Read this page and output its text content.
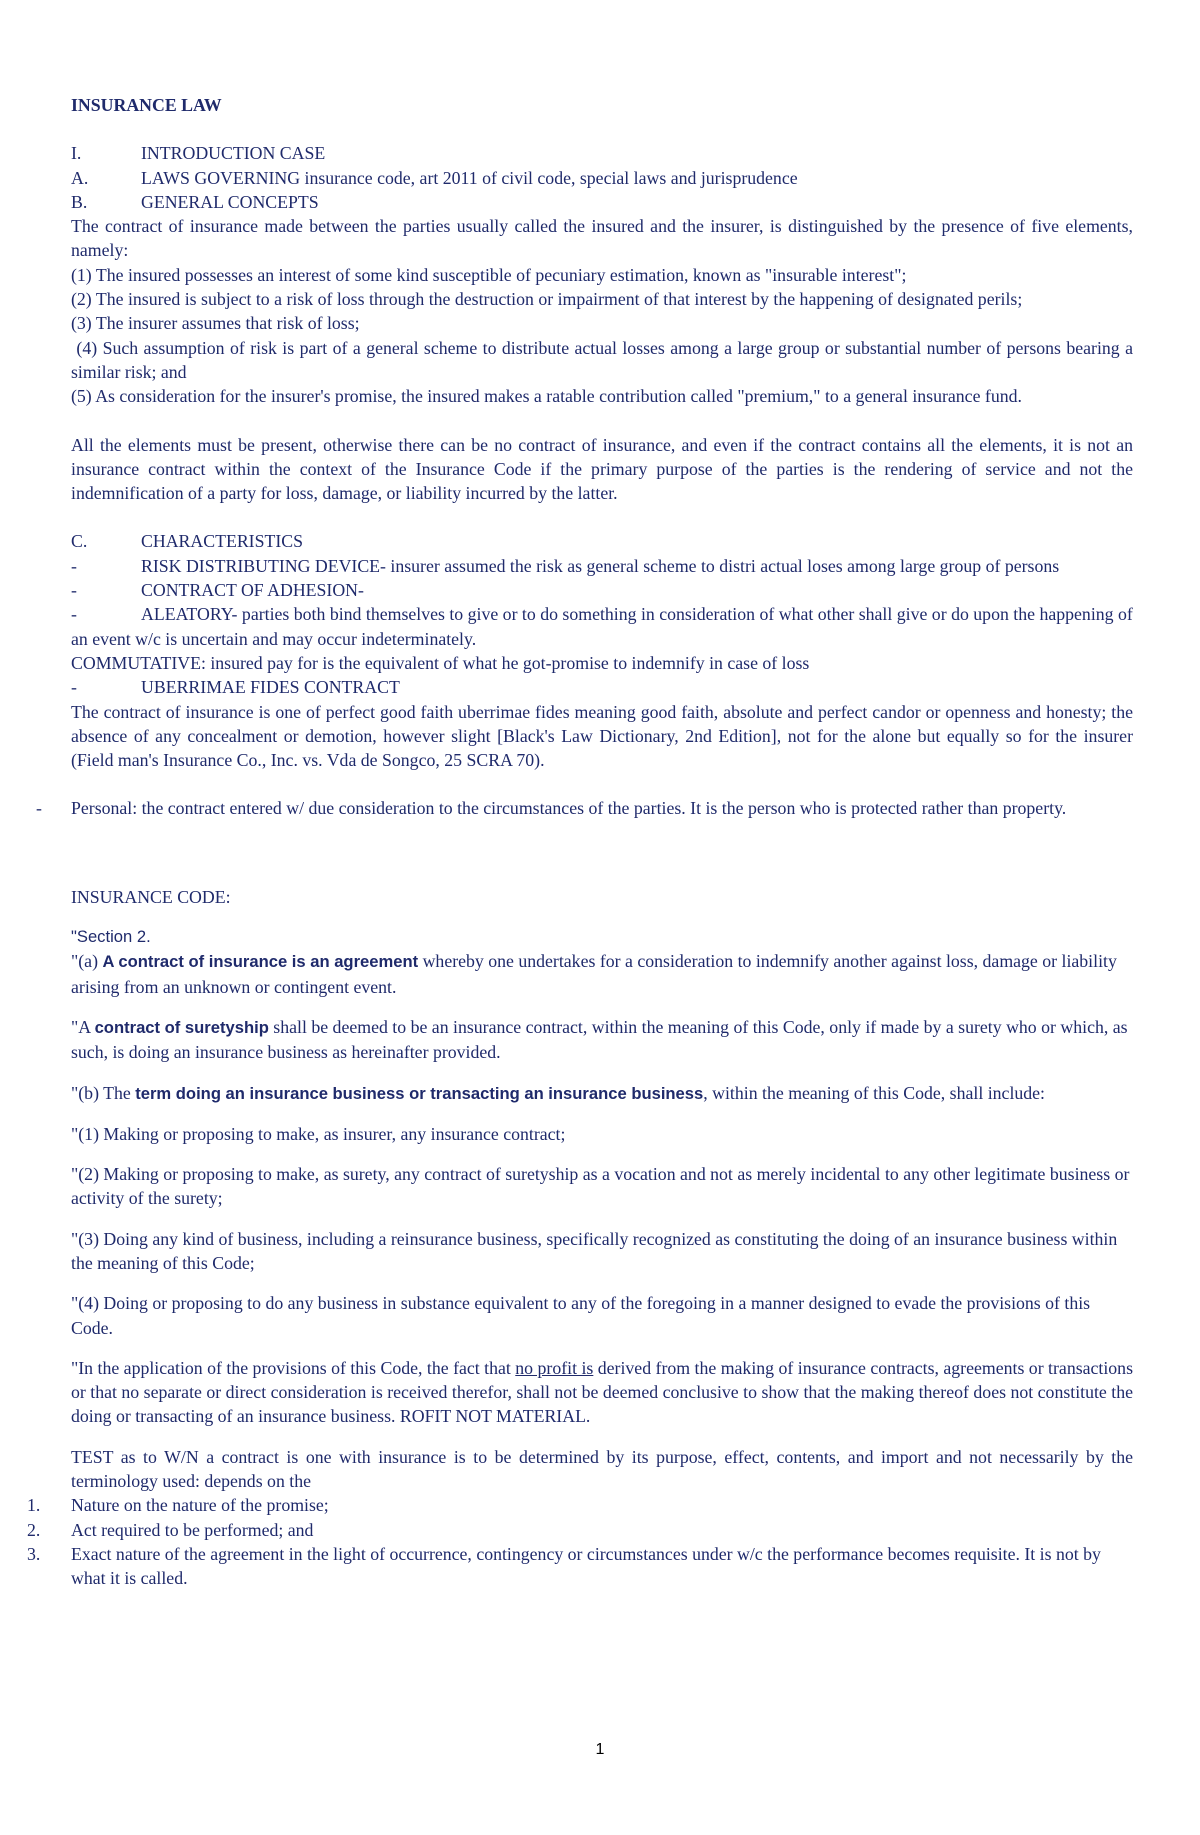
INSURANCE LAW

I.	INTRODUCTION CASE
A.	LAWS GOVERNING insurance code, art 2011 of civil code, special laws and jurisprudence
B.	GENERAL CONCEPTS

The contract of insurance made between the parties usually called the insured and the insurer, is distinguished by the presence of five elements, namely:

(1) The insured possesses an interest of some kind susceptible of pecuniary estimation, known as "insurable interest";

(2) The insured is subject to a risk of loss through the destruction or impairment of that interest by the happening of designated perils;

(3) The insurer assumes that risk of loss;

(4) Such assumption of risk is part of a general scheme to distribute actual losses among a large group or substantial number of persons bearing a similar risk; and

(5) As consideration for the insurer's promise, the insured makes a ratable contribution called "premium," to a general insurance fund.

All the elements must be present, otherwise there can be no contract of insurance, and even if the contract contains all the elements, it is not an insurance contract within the context of the Insurance Code if the primary purpose of the parties is the rendering of service and not the indemnification of a party for loss, damage, or liability incurred by the latter.

C.	CHARACTERISTICS

-	RISK DISTRIBUTING DEVICE- insurer assumed the risk as general scheme to distri actual loses among large group of persons

-	CONTRACT OF ADHESION-

-	ALEATORY- parties both bind themselves to give or to do something in consideration of what other shall give or do upon the happening of an event w/c is uncertain and may occur indeterminately.

COMMUTATIVE: insured pay for is the equivalent of what he got-promise to indemnify in case of loss

-	UBERRIMAE FIDES CONTRACT

The contract of insurance is one of perfect good faith uberrimae fides meaning good faith, absolute and perfect candor or openness and honesty; the absence of any concealment or demotion, however slight [Black's Law Dictionary, 2nd Edition], not for the alone but equally so for the insurer (Field man's Insurance Co., Inc. vs. Vda de Songco, 25 SCRA 70).

-	Personal: the contract entered w/ due consideration to the circumstances of the parties. It is the person who is protected rather than property.

INSURANCE CODE:

"Section 2.

"(a) A contract of insurance is an agreement whereby one undertakes for a consideration to indemnify another against loss, damage or liability arising from an unknown or contingent event.

"A contract of suretyship shall be deemed to be an insurance contract, within the meaning of this Code, only if made by a surety who or which, as such, is doing an insurance business as hereinafter provided.

"(b) The term doing an insurance business or transacting an insurance business, within the meaning of this Code, shall include:

"(1) Making or proposing to make, as insurer, any insurance contract;

"(2) Making or proposing to make, as surety, any contract of suretyship as a vocation and not as merely incidental to any other legitimate business or activity of the surety;

"(3) Doing any kind of business, including a reinsurance business, specifically recognized as constituting the doing of an insurance business within the meaning of this Code;

"(4) Doing or proposing to do any business in substance equivalent to any of the foregoing in a manner designed to evade the provisions of this Code.

"In the application of the provisions of this Code, the fact that no profit is derived from the making of insurance contracts, agreements or transactions or that no separate or direct consideration is received therefor, shall not be deemed conclusive to show that the making thereof does not constitute the doing or transacting of an insurance business. ROFIT NOT MATERIAL.

TEST as to W/N a contract is one with insurance is to be determined by its purpose, effect, contents, and import and not necessarily by the terminology used: depends on the

1.	Nature on the nature of the promise;
2.	Act required to be performed; and
3.	Exact nature of the agreement in the light of occurrence, contingency or circumstances under w/c the performance becomes requisite. It is not by what it is called.
1
